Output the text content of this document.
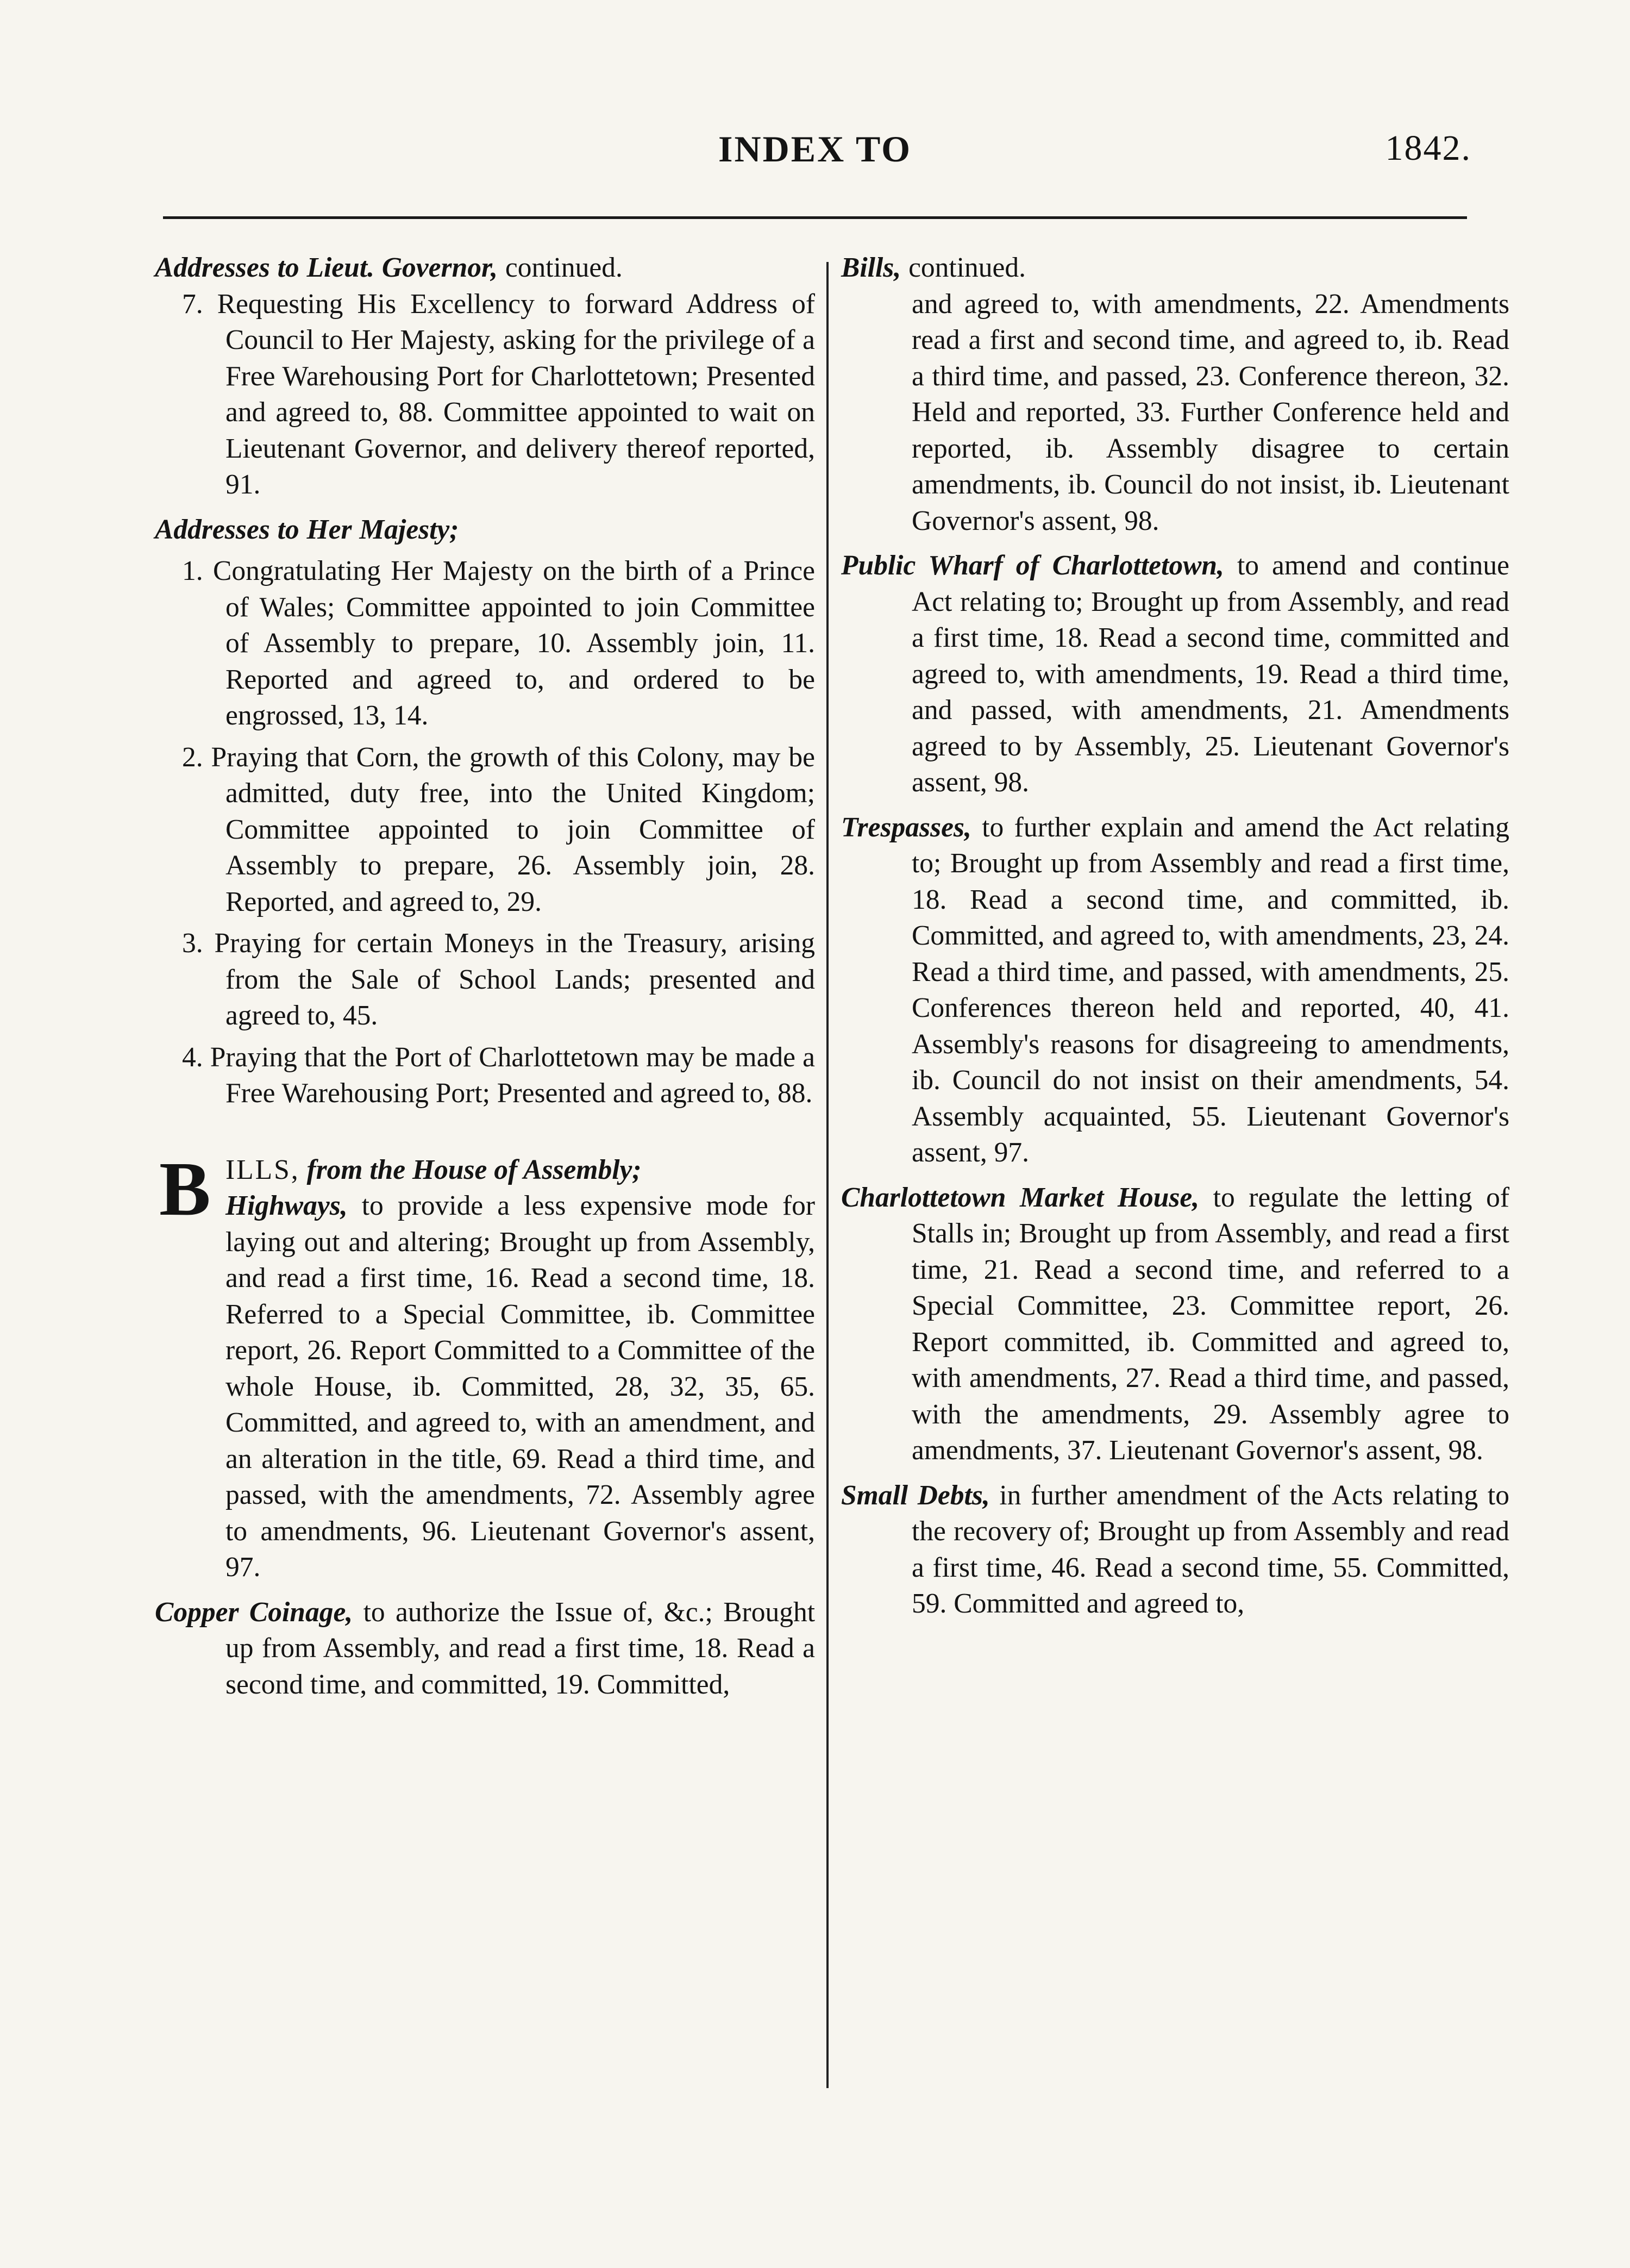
INDEX TO	1842.

Addresses to Lieut. Governor, continued.

7. Requesting His Excellency to forward Address of Council to Her Majesty, asking for the privilege of a Free Warehousing Port for Charlottetown; Presented and agreed to, 88. Committee appointed to wait on Lieutenant Governor, and delivery thereof reported, 91.

Addresses to Her Majesty;

1. Congratulating Her Majesty on the birth of a Prince of Wales; Committee appointed to join Committee of Assembly to prepare, 10. Assembly join, 11. Reported and agreed to, and ordered to be engrossed, 13, 14.

2. Praying that Corn, the growth of this Colony, may be admitted, duty free, into the United Kingdom; Committee appointed to join Committee of Assembly to prepare, 26. Assembly join, 28. Reported, and agreed to, 29.

3. Praying for certain Moneys in the Treasury, arising from the Sale of School Lands; presented and agreed to, 45.

4. Praying that the Port of Charlottetown may be made a Free Warehousing Port; Presented and agreed to, 88.

B ILLS, from the House of Assembly;

Highways, to provide a less expensive mode for laying out and altering; Brought up from Assembly, and read a first time, 16. Read a second time, 18. Referred to a Special Committee, ib. Committee report, 26. Report Committed to a Committee of the whole House, ib. Committed, 28, 32, 35, 65. Committed, and agreed to, with an amendment, and an alteration in the title, 69. Read a third time, and passed, with the amendments, 72. Assembly agree to amendments, 96. Lieutenant Governor's assent, 97.

Copper Coinage, to authorize the Issue of, &c.; Brought up from Assembly, and read a first time, 18. Read a second time, and committed, 19. Committed,

Bills, continued.

and agreed to, with amendments, 22. Amendments read a first and second time, and agreed to, ib. Read a third time, and passed, 23. Conference thereon, 32. Held and reported, 33. Further Conference held and reported, ib. Assembly disagree to certain amendments, ib. Council do not insist, ib. Lieutenant Governor's assent, 98.

Public Wharf of Charlottetown, to amend and continue Act relating to; Brought up from Assembly, and read a first time, 18. Read a second time, committed and agreed to, with amendments, 19. Read a third time, and passed, with amendments, 21. Amendments agreed to by Assembly, 25. Lieutenant Governor's assent, 98.

Trespasses, to further explain and amend the Act relating to; Brought up from Assembly and read a first time, 18. Read a second time, and committed, ib. Committed, and agreed to, with amendments, 23, 24. Read a third time, and passed, with amendments, 25. Conferences thereon held and reported, 40, 41. Assembly's reasons for disagreeing to amendments, ib. Council do not insist on their amendments, 54. Assembly acquainted, 55. Lieutenant Governor's assent, 97.

Charlottetown Market House, to regulate the letting of Stalls in; Brought up from Assembly, and read a first time, 21. Read a second time, and referred to a Special Committee, 23. Committee report, 26. Report committed, ib. Committed and agreed to, with amendments, 27. Read a third time, and passed, with the amendments, 29. Assembly agree to amendments, 37. Lieutenant Governor's assent, 98.

Small Debts, in further amendment of the Acts relating to the recovery of; Brought up from Assembly and read a first time, 46. Read a second time, 55. Committed, 59. Committed and agreed to,
